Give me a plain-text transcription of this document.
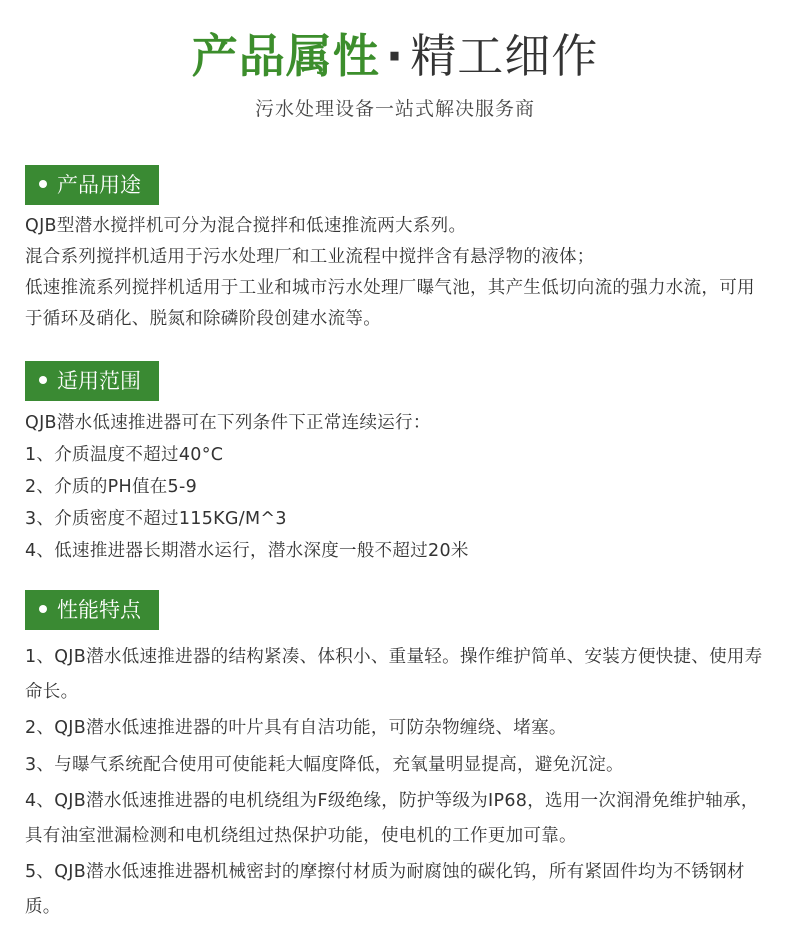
产品属性 · 精工细作
污水处理设备一站式解决服务商
产品用途

QJB型潜水搅拌机可分为混合搅拌和低速推流两大系列。

混合系列搅拌机适用于污水处理厂和工业流程中搅拌含有悬浮物的液体；

低速推流系列搅拌机适用于工业和城市污水处理厂曝气池，其产生低切向流的强力水流，可用于循环及硝化、脱氮和除磷阶段创建水流等。

适用范围

QJB潜水低速推进器可在下列条件下正常连续运行：

1、介质温度不超过40°C

2、介质的PH值在5-9

3、介质密度不超过115KG/M^3

4、低速推进器长期潜水运行，潜水深度一般不超过20米

性能特点

1、QJB潜水低速推进器的结构紧凑、体积小、重量轻。操作维护简单、安装方便快捷、使用寿命长。

2、QJB潜水低速推进器的叶片具有自洁功能，可防杂物缠绕、堵塞。

3、与曝气系统配合使用可使能耗大幅度降低，充氧量明显提高，避免沉淀。

4、QJB潜水低速推进器的电机绕组为F级绝缘，防护等级为IP68，选用一次润滑免维护轴承，具有油室泄漏检测和电机绕组过热保护功能，使电机的工作更加可靠。

5、QJB潜水低速推进器机械密封的摩擦付材质为耐腐蚀的碳化钨，所有紧固件均为不锈钢材质。
